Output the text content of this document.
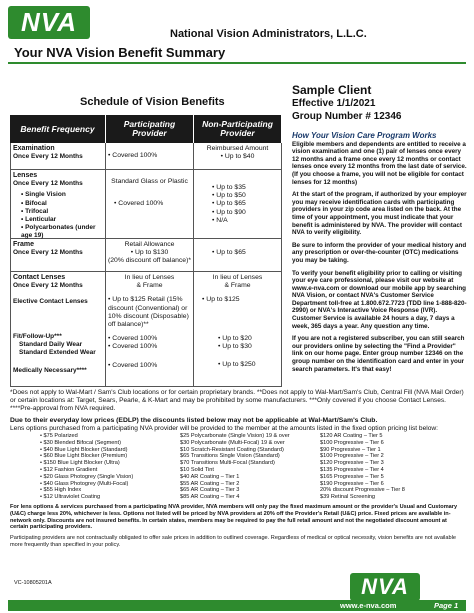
NVA	National Vision Administrators, L.L.C.
Your NVA Vision Benefit Summary
Sample Client
Effective 1/1/2021
Group Number # 12346
Schedule of Vision Benefits
Benefit Frequency	Participating Provider
Non-Participating Provider
Examination
Once Every 12 Months
•	Covered 100%
Reimbursed Amount
• Up to $40
Lenses
Once Every 12 Months
• Single Vision
• Bifocal
• Trifocal
• Lenticular
• Polycarbonates (under age 19)
Standard Glass or Plastic
• Covered 100%
• Up to $35
• Up to $50
• Up to $65
• Up to $90
• N/A
Frame
Once Every 12 Months
Retail Allowance
• Up to $130
(20% discount off balance)*
• Up to $65
Contact Lenses
Once Every 12 Months
Elective Contact Lenses
Fit/Follow-Up***
Standard Daily Wear
Standard Extended Wear
Medically Necessary****
In lieu of Lenses & Frame
• Up to $125 Retail (15% discount (Conventional) or 10% discount (Disposable) off balance)**
• Covered 100%
• Covered 100%
• Covered 100%
In lieu of Lenses & Frame
• Up to $125
• Up to $20
• Up to $30
• Up to $250
How Your Vision Care Program Works

Eligible members and dependents are entitled to receive a vision examination and one (1) pair of lenses once every 12 months and a frame once every 12 months or contact lenses once every 12 months from the last date of service. (If you choose a frame, you will not be eligible for contact lenses for 12 months)

At the start of the program, if authorized by your employer you may receive identification cards with participating providers in your zip code area listed on the back. At the time of your appointment, you must indicate that your benefit is administered by NVA. The provider will contact NVA to verify eligibility.

Be sure to inform the provider of your medical history and any prescription or over-the-counter (OTC) medications you may be taking.

To verify your benefit eligibility prior to calling or visiting your eye care professional, please visit our website at www.e-nva.com or download our mobile app by searching NVA Vision, or contact NVA's Customer Service Department toll-free at 1.800.672.7723 (TDD line 1-888-820-2990) or NVA's Interactive Voice Response (IVR). Customer Service is available 24 hours a day, 7 days a week, 365 days a year. Any question any time.

If you are not a registered subscriber, you can still search our providers online by selecting the "Find a Provider" link on our home page. Enter group number 12346 on the group number on the identification card and enter in your search parameters. It's that easy!

*Does not apply to Wal-Mart / Sam's Club locations or for certain proprietary brands. **Does not apply to Wal-Mart/Sam's Club, Central Fill (NVA Mail Order) or certain locations at: Target, Sears, Pearle, & K-Mart and may be prohibited by some manufacturers. ***Only covered if you choose Contact Lenses. ****Pre-approval from NVA required.

Due to their everyday low prices (EDLP) the discounts listed below may not be applicable at Wal-Mart/Sam's Club.
Lens options purchased from a participating NVA provider will be provided to the member at the amounts listed in the fixed option pricing list below:
• $75 Polarized
• $30 Blended Bifocal (Segment)
• $40 Blue Light Blocker (Standard)
• $60 Blue Light Blocker (Premium)
• $150 Blue Light Blocker (Ultra)
• $12 Fashion Gradient
• $20 Glass Photogrey (Single Vision)
• $40 Glass Photogrey (Multi-Focal)
• $55 High Index
• $12 Ultraviolet Coating
$25 Polycarbonate (Single Vision) 19 & over
$30 Polycarbonate (Multi-Focal) 19 & over
$10 Scratch-Resistant Coating (Standard)
$65 Transitions Single Vision (Standard)
$70 Transitions Multi-Focal (Standard)
$10 Solid Tint
$40 AR Coating – Tier 1
$55 AR Coating – Tier 2
$65 AR Coating – Tier 3
$85 AR Coating – Tier 4
$120 AR Coating – Tier 5
$100 Progressive – Tier 6
$90 Progressive – Tier 1
$100 Progressive – Tier 2
$120 Progressive – Tier 3
$135 Progressive – Tier 4
$165 Progressive – Tier 5
$190 Progressive – Tier 6
20% discount Progressive – Tier 8
$39 Retinal Screening

For lens options & services purchased from a participating NVA provider, NVA members will only pay the fixed maximum amount or the provider's Usual and Customary (U&C) charge less 20%, whichever is less. Options not listed will be priced by NVA providers at 20% off the Provider's Retail (U&C) price. Fixed prices are available in-network only. Discounts are not insured benefits. In certain states, members may be required to pay the full retail amount and not the negotiated discount amount at certain participating providers.

Participating providers are not contractually obligated to offer sale prices in addition to outlined coverage. Regardless of medical or optical necessity, vision benefits are not available more frequently than specified in your policy.

VC-10805201A	NVA
www.e-nva.com	Page 1
